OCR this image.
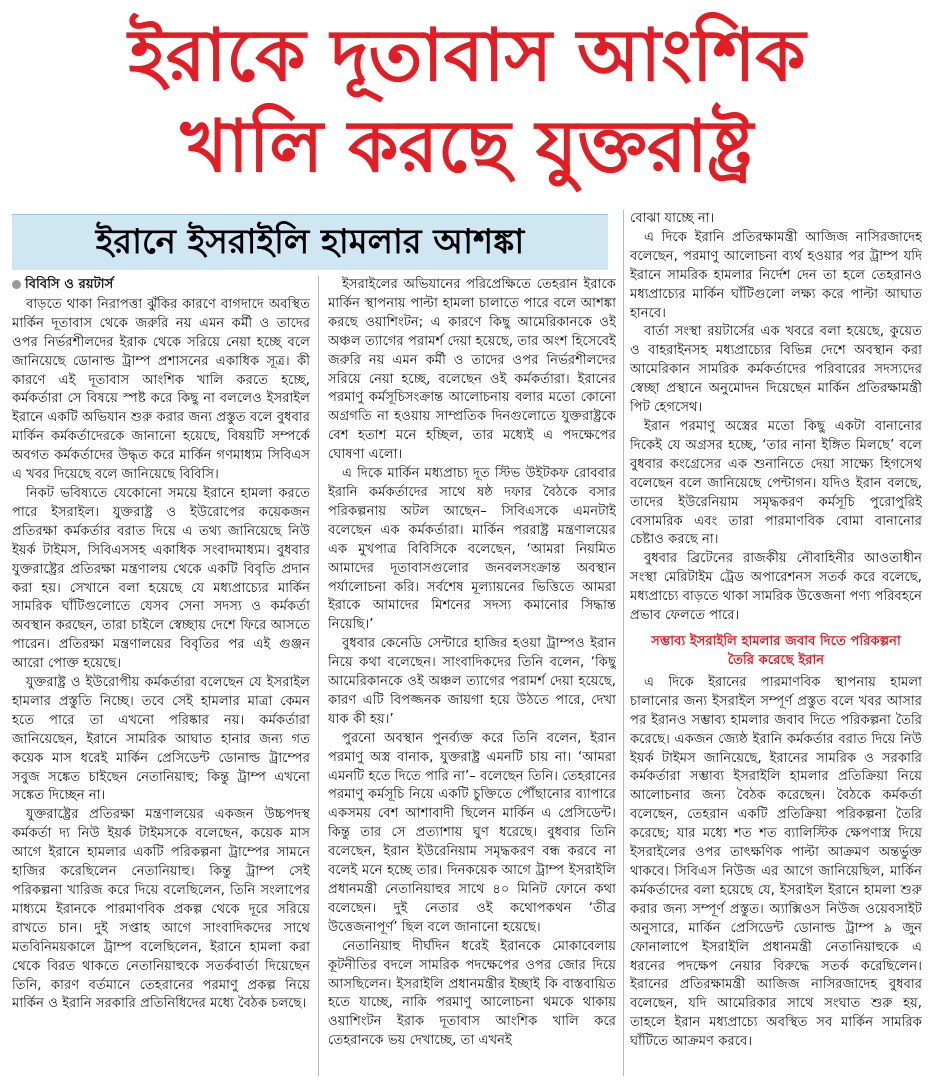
ইরাকে দূতাবাস আংশিক
খালি করছে যুক্তরাষ্ট্র
ইরানে ইসরাইলি হামলার আশঙ্কা
বিবিসি ও রয়টার্স

বাড়তে থাকা নিরাপত্তা ঝুঁকির কারণে বাগদাদে অবস্থিত মার্কিন দূতাবাস থেকে জরুরি নয় এমন কর্মী ও তাদের ওপর নির্ভরশীলদের ইরাক থেকে সরিয়ে নেয়া হচ্ছে বলে জানিয়েছে ডোনাল্ড ট্রাম্প প্রশাসনের একাধিক সূত্র। কী কারণে এই দূতাবাস আংশিক খালি করতে হচ্ছে, কর্মকর্তারা সে বিষয়ে স্পষ্ট করে কিছু না বললেও ইসরাইল ইরানে একটি অভিযান শুরু করার জন্য প্রস্তুত বলে বুধবার মার্কিন কর্মকর্তাদেরকে জানানো হয়েছে, বিষয়টি সম্পর্কে অবগত কর্মকর্তাদের উদ্ধৃত করে মার্কিন গণমাধ্যম সিবিএস এ খবর দিয়েছে বলে জানিয়েছে বিবিসি।

নিকট ভবিষ্যতে যেকোনো সময়ে ইরানে হামলা করতে পারে ইসরাইল। যুক্তরাষ্ট্র ও ইউরোপের কয়েকজন প্রতিরক্ষা কর্মকর্তার বরাত দিয়ে এ তথ্য জানিয়েছে নিউ ইয়র্ক টাইমস, সিবিএসসহ একাধিক সংবাদমাধ্যম। বুধবার যুক্তরাষ্ট্রের প্রতিরক্ষা মন্ত্রণালয় থেকে একটি বিবৃতি প্রদান করা হয়। সেখানে বলা হয়েছে যে মধ্যপ্রাচ্যের মার্কিন সামরিক ঘাঁটিগুলোতে যেসব সেনা সদস্য ও কর্মকর্তা অবস্থান করছেন, তারা চাইলে স্বেচ্ছায় দেশে ফিরে আসতে পারেন। প্রতিরক্ষা মন্ত্রণালয়ের বিবৃতির পর এই গুঞ্জন আরো পোক্ত হয়েছে।

যুক্তরাষ্ট্র ও ইউরোপীয় কর্মকর্তারা বলেছেন যে ইসরাইল হামলার প্রস্তুতি নিচ্ছে। তবে সেই হামলার মাত্রা কেমন হতে পারে তা এখনো পরিষ্কার নয়। কর্মকর্তারা জানিয়েছেন, ইরানে সামরিক আঘাত হানার জন্য গত কয়েক মাস ধরেই মার্কিন প্রেসিডেন্ট ডোনাল্ড ট্রাম্পের সবুজ সঙ্কেত চাইছেন নেতানিয়াহু; কিন্তু ট্রাম্প এখনো সঙ্কেত দিচ্ছেন না।

যুক্তরাষ্ট্রের প্রতিরক্ষা মন্ত্রণালয়ের একজন উচ্চপদস্থ কর্মকর্তা দ্য নিউ ইয়র্ক টাইমসকে বলেছেন, কয়েক মাস আগে ইরানে হামলার একটি পরিকল্পনা ট্রাম্পের সামনে হাজির করেছিলেন নেতানিয়াহু। কিন্তু ট্রাম্প সেই পরিকল্পনা খারিজ করে দিয়ে বলেছিলেন, তিনি সংলাপের মাধ্যমে ইরানকে পারমাণবিক প্রকল্প থেকে দূরে সরিয়ে রাখতে চান। দুই সপ্তাহ আগে সাংবাদিকদের সাথে মতবিনিময়কালে ট্রাম্প বলেছিলেন, ইরানে হামলা করা থেকে বিরত থাকতে নেতানিয়াহুকে সতর্কবার্তা দিয়েছেন তিনি, কারণ বর্তমানে তেহরানের পরমাণু প্রকল্প নিয়ে মার্কিন ও ইরানি সরকারি প্রতিনিধিদের মধ্যে বৈঠক চলছে।

ইসরাইলের অভিযানের পরিপ্রেক্ষিতে তেহরান ইরাকে মার্কিন স্থাপনায় পাল্টা হামলা চালাতে পারে বলে আশঙ্কা করছে ওয়াশিংটন; এ কারণে কিছু আমেরিকানকে ওই অঞ্চল ত্যাগের পরামর্শ দেয়া হয়েছে, তার অংশ হিসেবেই জরুরি নয় এমন কর্মী ও তাদের ওপর নির্ভরশীলদের সরিয়ে নেয়া হচ্ছে, বলেছেন ওই কর্মকর্তারা। ইরানের পরমাণু কর্মসূচিসংক্রান্ত আলোচনায় বলার মতো কোনো অগ্রগতি না হওয়ায় সাম্প্রতিক দিনগুলোতে যুক্তরাষ্ট্রকে বেশ হতাশ মনে হচ্ছিল, তার মধ্যেই এ পদক্ষেপের ঘোষণা এলো।

এ দিকে মার্কিন মধ্যপ্রাচ্য দূত স্টিভ উইটকফ রোববার ইরানি কর্মকর্তাদের সাথে ষষ্ঠ দফার বৈঠকে বসার পরিকল্পনায় অটল আছেন– সিবিএসকে এমনটাই বলেছেন এক কর্মকর্তারা। মার্কিন পররাষ্ট্র মন্ত্রণালয়ের এক মুখপাত্র বিবিসিকে বলেছেন, ‘আমরা নিয়মিত আমাদের দূতাবাসগুলোর জনবলসংক্রান্ত অবস্থান পর্যালোচনা করি। সর্বশেষ মূল্যায়নের ভিত্তিতে আমরা ইরাকে আমাদের মিশনের সদস্য কমানোর সিদ্ধান্ত নিয়েছি।’

বুধবার কেনেডি সেন্টারে হাজির হওয়া ট্রাম্পও ইরান নিয়ে কথা বলেছেন। সাংবাদিকদের তিনি বলেন, ‘কিছু আমেরিকানকে ওই অঞ্চল ত্যাগের পরামর্শ দেয়া হয়েছে, কারণ এটি বিপজ্জনক জায়গা হয়ে উঠতে পারে, দেখা যাক কী হয়।’

পুরনো অবস্থান পুনর্ব্যক্ত করে তিনি বলেন, ইরান পরমাণু অস্ত্র বানাক, যুক্তরাষ্ট্র এমনটি চায় না। ‘আমরা এমনটি হতে দিতে পারি না’– বলেছেন তিনি। তেহরানের পরমাণু কর্মসূচি নিয়ে একটি চুক্তিতে পৌঁছানোর ব্যাপারে একসময় বেশ আশাবাদী ছিলেন মার্কিন এ প্রেসিডেন্ট। কিন্তু তার সে প্রত্যাশায় ঘুণ ধরেছে। বুধবার তিনি বলেছেন, ইরান ইউরেনিয়াম সমৃদ্ধকরণ বন্ধ করবে না বলেই মনে হচ্ছে তার। দিনকয়েক আগে ট্রাম্প ইসরাইলি প্রধানমন্ত্রী নেতানিয়াহুর সাথে ৪০ মিনিট ফোনে কথা বলেছেন। দুই নেতার ওই কথোপকথন ‘তীব্র উত্তেজনাপূর্ণ’ ছিল বলে জানানো হয়েছে।

নেতানিয়াহু দীর্ঘদিন ধরেই ইরানকে মোকাবেলায় কূটনীতির বদলে সামরিক পদক্ষেপের ওপর জোর দিয়ে আসছিলেন। ইসরাইলি প্রধানমন্ত্রীর ইচ্ছাই কি বাস্তবায়িত হতে যাচ্ছে, নাকি পরমাণু আলোচনা থমকে থাকায় ওয়াশিংটন ইরাক দূতাবাস আংশিক খালি করে তেহরানকে ভয় দেখাচ্ছে, তা এখনই

বোঝা যাচ্ছে না।

এ দিকে ইরানি প্রতিরক্ষামন্ত্রী আজিজ নাসিরজাদেহ বলেছেন, পরমাণু আলোচনা ব্যর্থ হওয়ার পর ট্রাম্প যদি ইরানে সামরিক হামলার নির্দেশ দেন তা হলে তেহরানও মধ্যপ্রাচ্যের মার্কিন ঘাঁটিগুলো লক্ষ্য করে পাল্টা আঘাত হানবে।

বার্তা সংস্থা রয়টার্সের এক খবরে বলা হয়েছে, কুয়েত ও বাহরাইনসহ মধ্যপ্রাচ্যের বিভিন্ন দেশে অবস্থান করা আমেরিকান সামরিক কর্মকর্তাদের পরিবারের সদস্যদের স্বেচ্ছা প্রস্থানে অনুমোদন দিয়েছেন মার্কিন প্রতিরক্ষামন্ত্রী পিট হেগসেথ।

ইরান পরমাণু অস্ত্রের মতো কিছু একটা বানানোর দিকেই যে অগ্রসর হচ্ছে, ‘তার নানা ইঙ্গিত মিলছে’ বলে বুধবার কংগ্রেসের এক শুনানিতে দেয়া সাক্ষ্যে হিগসেথ বলেছেন বলে জানিয়েছে পেন্টাগন। যদিও ইরান বলছে, তাদের ইউরেনিয়াম সমৃদ্ধকরণ কর্মসূচি পুরোপুরিই বেসামরিক এবং তারা পারমাণবিক বোমা বানানোর চেষ্টাও করছে না।

বুধবার ব্রিটেনের রাজকীয় নৌবাহিনীর আওতাধীন সংস্থা মেরিটাইম ট্রেড অপারেশনস সতর্ক করে বলেছে, মধ্যপ্রাচ্যে বাড়তে থাকা সামরিক উত্তেজনা পণ্য পরিবহনে প্রভাব ফেলতে পারে।

সম্ভাব্য ইসরাইলি হামলার জবাব দিতে পরিকল্পনা
তৈরি করেছে ইরান

এ দিকে ইরানের পারমাণবিক স্থাপনায় হামলা চালানোর জন্য ইসরাইল সম্পূর্ণ প্রস্তুত বলে খবর আসার পর ইরানও সম্ভাব্য হামলার জবাব দিতে পরিকল্পনা তৈরি করেছে। একজন জ্যেষ্ঠ ইরানি কর্মকর্তার বরাত দিয়ে নিউ ইয়র্ক টাইমস জানিয়েছে, ইরানের সামরিক ও সরকারি কর্মকর্তারা সম্ভাব্য ইসরাইলি হামলার প্রতিক্রিয়া নিয়ে আলোচনার জন্য বৈঠক করেছেন। বৈঠকে কর্মকর্তা বলেছেন, তেহরান একটি প্রতিক্রিয়া পরিকল্পনা তৈরি করেছে; যার মধ্যে শত শত ব্যালিস্টিক ক্ষেপণাস্ত্র দিয়ে ইসরাইলের ওপর তাৎক্ষণিক পাল্টা আক্রমণ অন্তর্ভুক্ত থাকবে। সিবিএস নিউজ এর আগে জানিয়েছিল, মার্কিন কর্মকর্তাদের বলা হয়েছে যে, ইসরাইল ইরানে হামলা শুরু করার জন্য সম্পূর্ণ প্রস্তুত। অ্যাক্সিওস নিউজ ওয়েবসাইট অনুসারে, মার্কিন প্রেসিডেন্ট ডোনাল্ড ট্রাম্প ৯ জুন ফোনালাপে ইসরাইলি প্রধানমন্ত্রী নেতানিয়াহুকে এ ধরনের পদক্ষেপ নেয়ার বিরুদ্ধে সতর্ক করেছিলেন। ইরানের প্রতিরক্ষামন্ত্রী আজিজ নাসিরজাদেহ বুধবার বলেছেন, যদি আমেরিকার সাথে সংঘাত শুরু হয়, তাহলে ইরান মধ্যপ্রাচ্যে অবস্থিত সব মার্কিন সামরিক ঘাঁটিতে আক্রমণ করবে।
